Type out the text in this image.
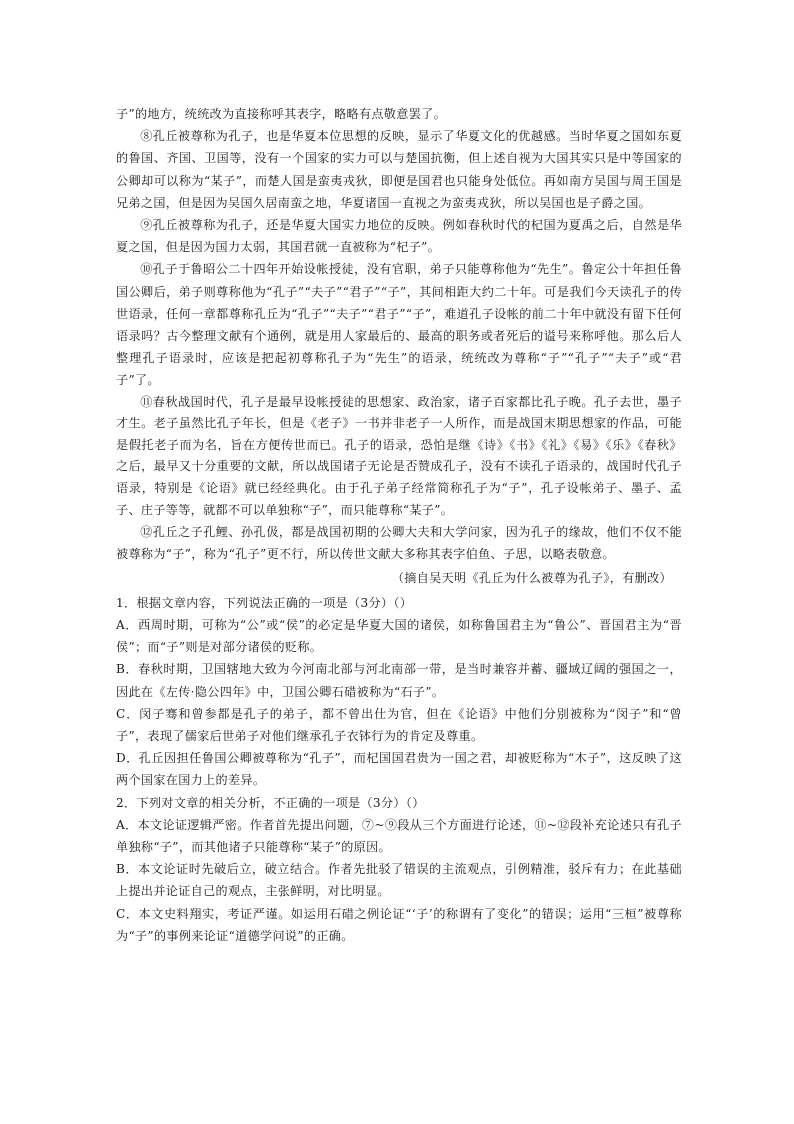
子”的地方，统统改为直接称呼其表字，略略有点敬意罢了。

⑧孔丘被尊称为孔子，也是华夏本位思想的反映，显示了华夏文化的优越感。当时华夏之国如东夏的鲁国、齐国、卫国等，没有一个国家的实力可以与楚国抗衡，但上述自视为大国其实只是中等国家的公卿却可以称为“某子”，而楚人国是蛮夷戎狄，即便是国君也只能身处低位。再如南方吴国与周王国是兄弟之国，但是因为吴国久居南蛮之地，华夏诸国一直视之为蛮夷戎狄，所以吴国也是子爵之国。

⑨孔丘被尊称为孔子，还是华夏大国实力地位的反映。例如春秋时代的杞国为夏禹之后，自然是华夏之国，但是因为国力太弱，其国君就一直被称为“杞子”。

⑩孔子于鲁昭公二十四年开始设帐授徒，没有官职，弟子只能尊称他为“先生”。鲁定公十年担任鲁国公卿后，弟子则尊称他为“孔子”“夫子”“君子”“子”，其间相距大约二十年。可是我们今天读孔子的传世语录，任何一章都尊称孔丘为“孔子”“夫子”“君子”“子”，难道孔子设帐的前二十年中就没有留下任何语录吗？古今整理文献有个通例，就是用人家最后的、最高的职务或者死后的谥号来称呼他。那么后人整理孔子语录时，应该是把起初尊称孔子为“先生”的语录，统统改为尊称“子”“孔子”“夫子”或“君子”了。

⑪春秋战国时代，孔子是最早设帐授徒的思想家、政治家，诸子百家都比孔子晚。孔子去世，墨子才生。老子虽然比孔子年长，但是《老子》一书并非老子一人所作，而是战国末期思想家的作品，可能是假托老子而为名，旨在方便传世而已。孔子的语录，恐怕是继《诗》《书》《礼》《易》《乐》《春秋》之后，最早又十分重要的文献，所以战国诸子无论是否赞成孔子，没有不读孔子语录的，战国时代孔子语录，特别是《论语》就已经经典化。由于孔子弟子经常简称孔子为“子”，孔子设帐弟子、墨子、孟子、庄子等等，就都不可以单独称“子”，而只能尊称“某子”。

⑫孔丘之子孔鲤、孙孔伋，都是战国初期的公卿大夫和大学问家，因为孔子的缘故，他们不仅不能被尊称为“子”，称为“孔子”更不行，所以传世文献大多称其表字伯鱼、子思，以略表敬意。

（摘自吴天明《孔丘为什么被尊为孔子》，有删改）

1．根据文章内容，下列说法正确的一项是（3分）（）

A．西周时期，可称为“公”或“侯”的必定是华夏大国的诸侯，如称鲁国君主为“鲁公”、晋国君主为“晋侯”；而“子”则是对部分诸侯的贬称。

B．春秋时期，卫国辖地大致为今河南北部与河北南部一带，是当时兼容并蓄、疆域辽阔的强国之一，因此在《左传·隐公四年》中，卫国公卿石碏被称为“石子”。

C．闵子骞和曾参都是孔子的弟子，都不曾出仕为官，但在《论语》中他们分别被称为“闵子”和“曾子”，表现了儒家后世弟子对他们继承孔子衣钵行为的肯定及尊重。

D．孔丘因担任鲁国公卿被尊称为“孔子”，而杞国国君贵为一国之君，却被贬称为“木子”，这反映了这两个国家在国力上的差异。

2．下列对文章的相关分析，不正确的一项是（3分）（）

A．本文论证逻辑严密。作者首先提出问题，⑦~⑨段从三个方面进行论述，⑪~⑫段补充论述只有孔子单独称“子”，而其他诸子只能尊称“某子”的原因。

B．本文论证时先破后立，破立结合。作者先批驳了错误的主流观点，引例精准，驳斥有力；在此基础上提出并论证自己的观点，主张鲜明，对比明显。

C．本文史料翔实，考证严谨。如运用石碏之例论证“‘子’的称谓有了变化”的错误；运用“三桓”被尊称为“子”的事例来论证“道德学问说”的正确。
